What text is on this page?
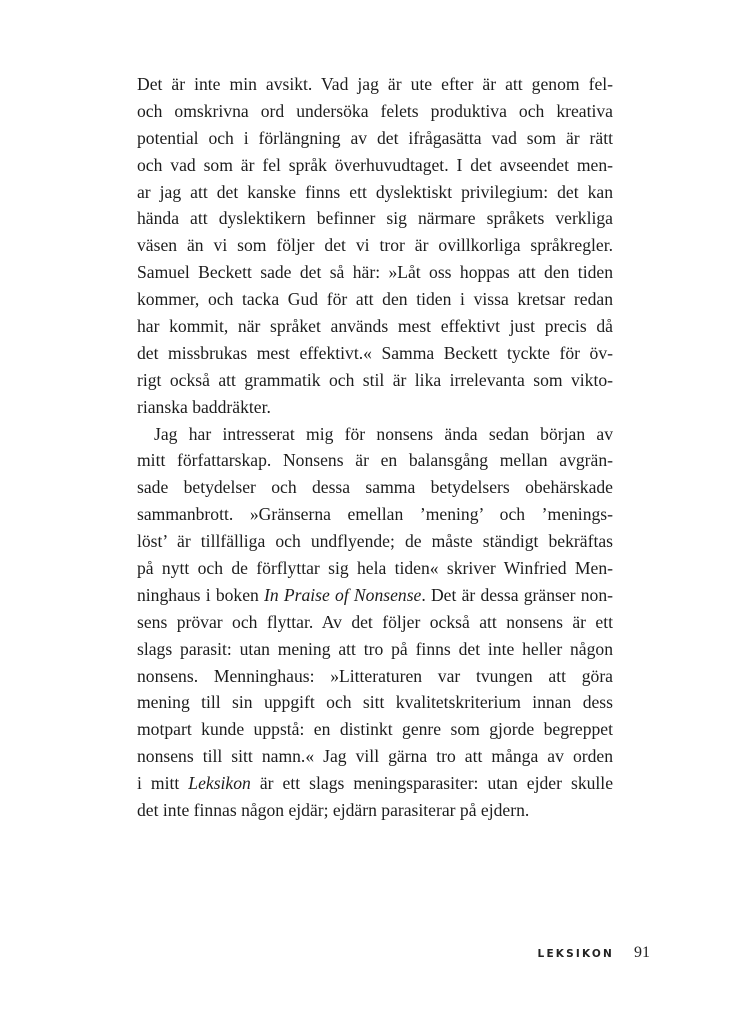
Det är inte min avsikt. Vad jag är ute efter är att genom fel-
och omskrivna ord undersöka felets produktiva och kreativa
potential och i förlängning av det ifrågasätta vad som är rätt
och vad som är fel språk överhuvudtaget. I det avseendet men-
ar jag att det kanske finns ett dyslektiskt privilegium: det kan
hända att dyslektikern befinner sig närmare språkets verkliga
väsen än vi som följer det vi tror är ovillkorliga språkregler.
Samuel Beckett sade det så här: »Låt oss hoppas att den tiden
kommer, och tacka Gud för att den tiden i vissa kretsar redan
har kommit, när språket används mest effektivt just precis då
det missbrukas mest effektivt.« Samma Beckett tyckte för öv-
rigt också att grammatik och stil är lika irrelevanta som vikto-
rianska baddräkter.
Jag har intresserat mig för nonsens ända sedan början av
mitt författarskap. Nonsens är en balansgång mellan avgrän-
sade betydelser och dessa samma betydelsers obehärskade
sammanbrott. »Gränserna emellan ’mening’ och ’menings-
löst’ är tillfälliga och undflyende; de måste ständigt bekräftas
på nytt och de förflyttar sig hela tiden« skriver Winfried Men-
ninghaus i boken In Praise of Nonsense. Det är dessa gränser non-
sens prövar och flyttar. Av det följer också att nonsens är ett
slags parasit: utan mening att tro på finns det inte heller någon
nonsens. Menninghaus: »Litteraturen var tvungen att göra
mening till sin uppgift och sitt kvalitetskriterium innan dess
motpart kunde uppstå: en distinkt genre som gjorde begreppet
nonsens till sitt namn.« Jag vill gärna tro att många av orden
i mitt Leksikon är ett slags meningsparasiter: utan ejder skulle
det inte finnas någon ejdär; ejdärn parasiterar på ejdern.
LEKSIKON 91
